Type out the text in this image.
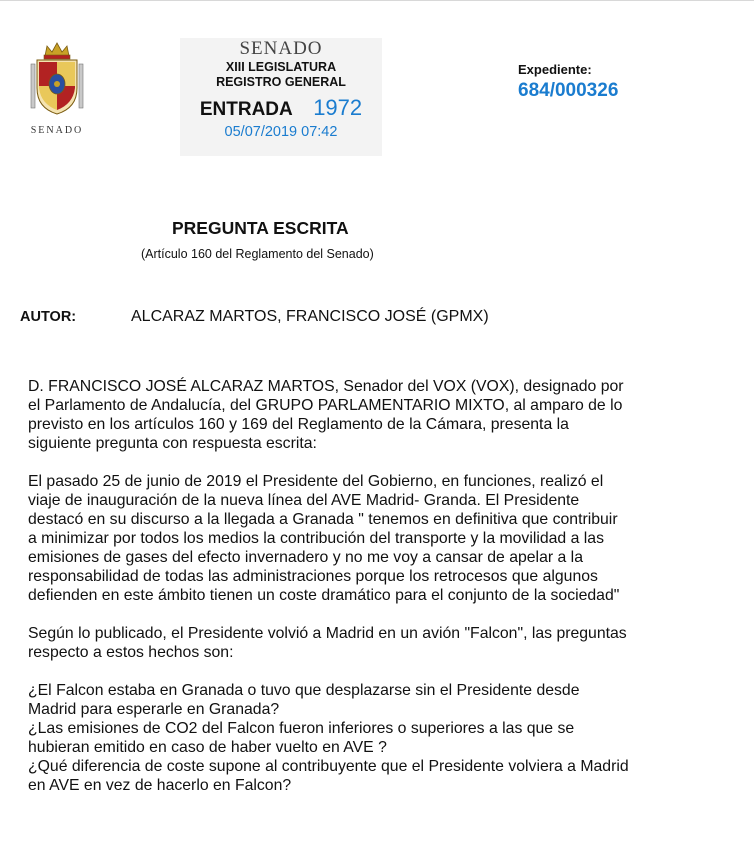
SENADO
SENADO
XIII LEGISLATURA
REGISTRO GENERAL
ENTRADA 1972
05/07/2019 07:42
Expediente:
684/000326
PREGUNTA ESCRITA
(Artículo 160 del Reglamento del Senado)
AUTOR:	ALCARAZ MARTOS, FRANCISCO JOSÉ (GPMX)

D. FRANCISCO JOSÉ ALCARAZ MARTOS, Senador del VOX (VOX), designado por
el Parlamento de Andalucía, del GRUPO PARLAMENTARIO MIXTO, al amparo de lo
previsto en los artículos 160 y 169 del Reglamento de la Cámara, presenta la
siguiente pregunta con respuesta escrita:

El pasado 25 de junio de 2019 el Presidente del Gobierno, en funciones, realizó el
viaje de inauguración de la nueva línea del AVE Madrid- Granda. El Presidente
destacó en su discurso a la llegada a Granada " tenemos en definitiva que contribuir
a minimizar por todos los medios la contribución del transporte y la movilidad a las
emisiones de gases del efecto invernadero y no me voy a cansar de apelar a la
responsabilidad de todas las administraciones porque los retrocesos que algunos
defienden en este ámbito tienen un coste dramático para el conjunto de la sociedad"

Según lo publicado, el Presidente volvió a Madrid en un avión "Falcon", las preguntas
respecto a estos hechos son:

¿El Falcon estaba en Granada o tuvo que desplazarse sin el Presidente desde
Madrid para esperarle en Granada?

¿Las emisiones de CO2 del Falcon fueron inferiores o superiores a las que se
hubieran emitido en caso de haber vuelto en AVE ?

¿Qué diferencia de coste supone al contribuyente que el Presidente volviera a Madrid
en AVE en vez de hacerlo en Falcon?
